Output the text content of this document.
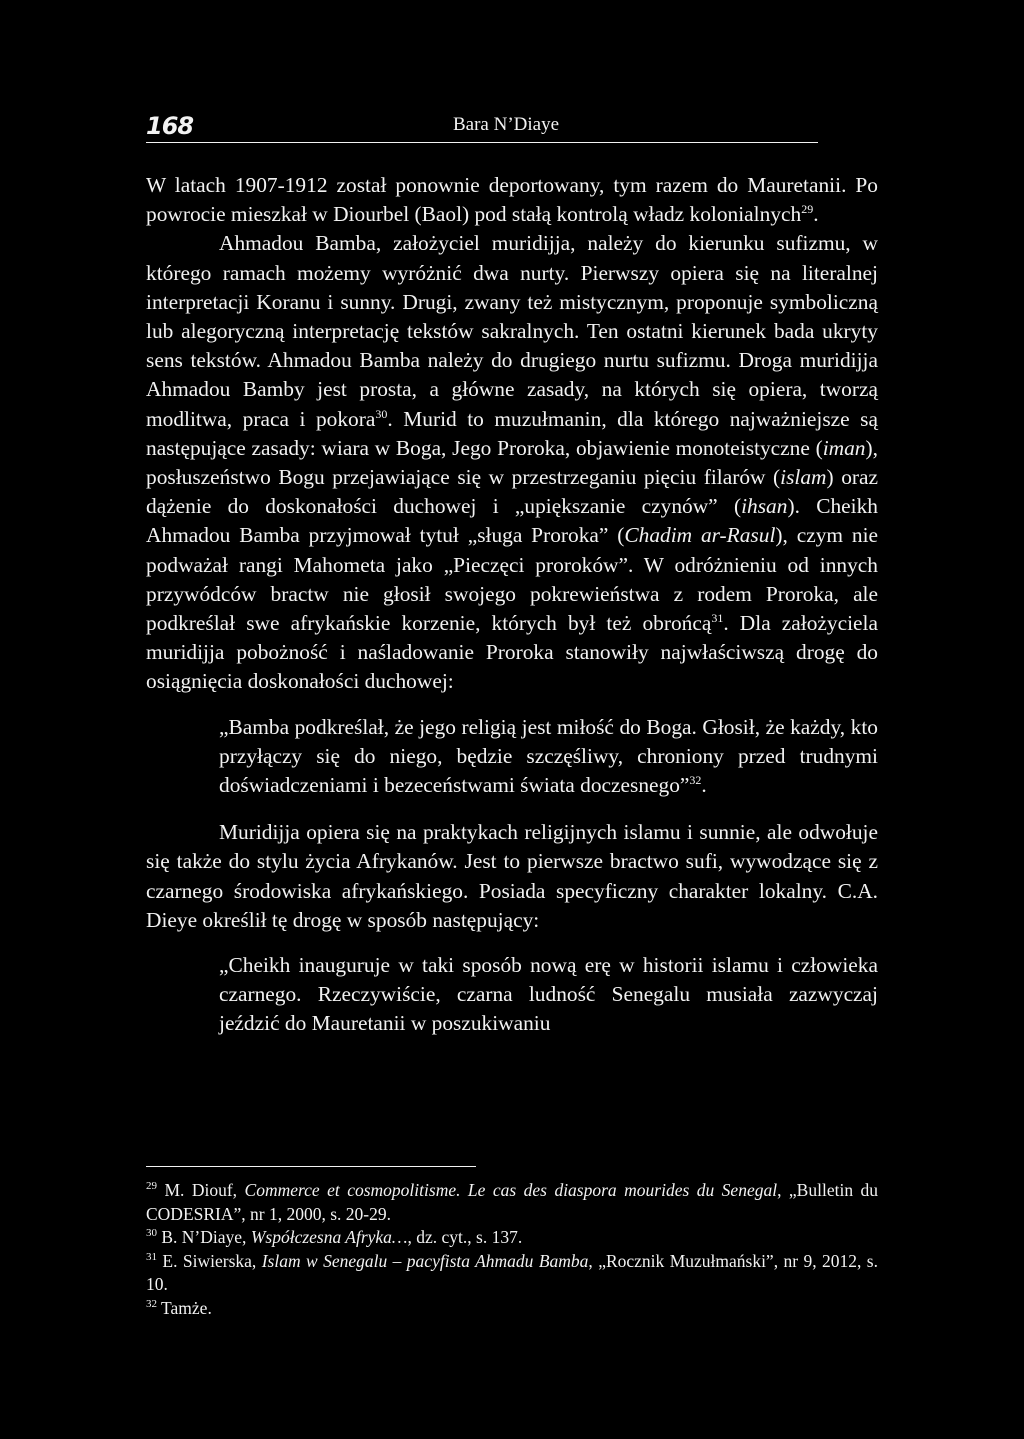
168	Bara N’Diaye

W latach 1907-1912 został ponownie deportowany, tym razem do Mauretanii. Po powrocie mieszkał w Diourbel (Baol) pod stałą kontrolą władz kolonialnych$^{29}$.

Ahmadou Bamba, założyciel muridijja, należy do kierunku sufizmu, w którego ramach możemy wyróżnić dwa nurty. Pierwszy opiera się na literalnej interpretacji Koranu i sunny. Drugi, zwany też mistycznym, proponuje symboliczną lub alegoryczną interpretację tekstów sakralnych. Ten ostatni kierunek bada ukryty sens tekstów. Ahmadou Bamba należy do drugiego nurtu sufizmu. Droga muridijja Ahmadou Bamby jest prosta, a główne zasady, na których się opiera, tworzą modlitwa, praca i pokora$^{30}$. Murid to muzułmanin, dla którego najważniejsze są następujące zasady: wiara w Boga, Jego Proroka, objawienie monoteistyczne (iman), posłuszeństwo Bogu przejawiające się w przestrzeganiu pięciu filarów (islam) oraz dążenie do doskonałości duchowej i „upiększanie czynów” (ihsan). Cheikh Ahmadou Bamba przyjmował tytuł „sługa Proroka” (Chadim ar-Rasul), czym nie podważał rangi Mahometa jako „Pieczęci proroków”. W odróżnieniu od innych przywódców bractw nie głosił swojego pokrewieństwa z rodem Proroka, ale podkreślał swe afrykańskie korzenie, których był też obrońcą$^{31}$. Dla założyciela muridijja pobożność i naśladowanie Proroka stanowiły najwłaściwszą drogę do osiągnięcia doskonałości duchowej:

„Bamba podkreślał, że jego religią jest miłość do Boga. Głosił, że każdy, kto przyłączy się do niego, będzie szczęśliwy, chroniony przed trudnymi doświadczeniami i bezeceństwami świata doczesnego”$^{32}$.

Muridijja opiera się na praktykach religijnych islamu i sunnie, ale odwołuje się także do stylu życia Afrykanów. Jest to pierwsze bractwo sufi, wywodzące się z czarnego środowiska afrykańskiego. Posiada specyficzny charakter lokalny. C.A. Dieye określił tę drogę w sposób następujący:

„Cheikh inauguruje w taki sposób nową erę w historii islamu i człowieka czarnego. Rzeczywiście, czarna ludność Senegalu musiała zazwyczaj jeździć do Mauretanii w poszukiwaniu
$^{29}$ M. Diouf, Commerce et cosmopolitisme. Le cas des diaspora mourides du Senegal, „Bulletin du CODESRIA”, nr 1, 2000, s. 20-29.
$^{30}$ B. N’Diaye, Współczesna Afryka…, dz. cyt., s. 137.
$^{31}$ E. Siwierska, Islam w Senegalu – pacyfista Ahmadu Bamba, „Rocznik Muzułmański”, nr 9, 2012, s. 10.
$^{32}$ Tamże.
